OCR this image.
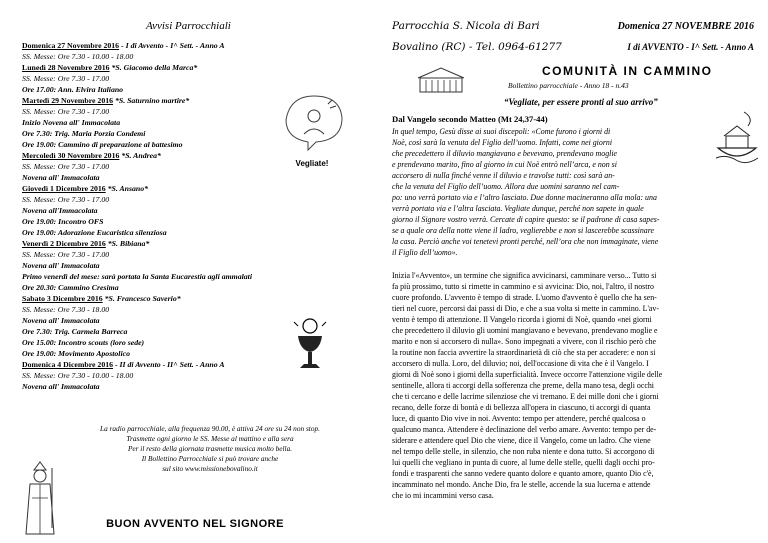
Avvisi Parrocchiali
Domenica 27 Novembre 2016 - I di Avvento - I^ Sett. - Anno A
SS. Messe: Ore 7.30 - 10.00 - 18.00
Lunedì 28 Novembre 2016 *S. Giacomo della Marca*
SS. Messe: Ore 7.30 - 17.00
Ore 17.00: Ann. Elvira Italiano
Martedì 29 Novembre 2016 *S. Saturnino martire*
SS. Messe: Ore 7.30 - 17.00
Inizio Novena all' Immacolata
Ore 7.30: Trig. Maria Porzia Condemi
Ore 19.00: Cammino di preparazione al battesimo
Mercoledì 30 Novembre 2016 *S. Andrea*
SS. Messe: Ore 7.30 - 17.00
Novena all' Immacolata
Giovedì 1 Dicembre 2016 *S. Ansano*
SS. Messe: Ore 7.30 - 17.00
Novena all'Immacolata
Ore 19.00: Incontro OFS
Ore 19.00: Adorazione Eucaristica silenziosa
Venerdì 2 Dicembre 2016 *S. Bibiana*
SS. Messe: Ore 7.30 - 17.00
Novena all' Immacolata
Primo venerdì del mese: sarà portata la Santa Eucarestia agli ammalati
Ore 20.30: Cammino Cresima
Sabato 3 Dicembre 2016 *S. Francesco Saverio*
SS. Messe: Ore 7.30 - 18.00
Novena all' Immacolata
Ore 7.30: Trig. Carmela Barreca
Ore 15.00: Incontro scouts (loro sede)
Ore 19.00: Movimento Apostolico
Domenica 4 Dicembre 2016 - II di Avvento - II^ Sett. - Anno A
SS. Messe: Ore 7.30 - 10.00 - 18.00
Novena all' Immacolata
Vegliate!
La radio parrocchiale, alla frequenza 90.00, è attiva 24 ore su 24 non stop.
Trasmette ogni giorno le SS. Messe al mattino e alla sera
Per il resto della giornata trasmette musica molto bella.
Il Bollettino Parrocchiale si può trovare anche
sul sito www.missionebovalino.it
BUON AVVENTO NEL SIGNORE
Parrocchia S. Nicola di Bari
Bovalino (RC) - Tel. 0964-61277
Domenica 27 NOVEMBRE 2016
I di AVVENTO - I^ Sett. - Anno A
COMUNITÀ IN CAMMINO
Bollettino parrocchiale - Anno 18 - n.43
“Vegliate, per essere pronti al suo arrivo”
Dal Vangelo secondo Matteo (Mt 24,37-44)
In quel tempo, Gesù disse ai suoi discepoli: «Come furono i giorni di
Noè, così sarà la venuta del Figlio dell’uomo. Infatti, come nei giorni
che precedettero il diluvio mangiavano e bevevano, prendevano moglie
e prendevano marito, fino al giorno in cui Noè entrò nell’arca, e non si
accorsero di nulla finché venne il diluvio e travolse tutti: così sarà an-
che la venuta del Figlio dell’uomo. Allora due uomini saranno nel cam-
po: uno verrà portato via e l’altro lasciato. Due donne macineranno alla mola: una
verrà portata via e l’altra lasciata. Vegliate dunque, perché non sapete in quale
giorno il Signore vostro verrà. Cercate di capire questo: se il padrone di casa sapes-
se a quale ora della notte viene il ladro, veglierebbe e non si lascerebbe scassinare
la casa. Perciò anche voi tenetevi pronti perché, nell’ora che non immaginate, viene
il Figlio dell’uomo».
Inizia l'«Avvento», un termine che significa avvicinarsi, camminare verso... Tutto si
fa più prossimo, tutto si rimette in cammino e si avvicina: Dio, noi, l'altro, il nostro
cuore profondo. L'avvento è tempo di strade. L'uomo d'avvento è quello che ha sen-
tieri nel cuore, percorsi dai passi di Dio, e che a sua volta si mette in cammino. L'av-
vento è tempo di attenzione. Il Vangelo ricorda i giorni di Noè, quando «nei giorni
che precedettero il diluvio gli uomini mangiavano e bevevano, prendevano moglie e
marito e non si accorsero di nulla». Sono impegnati a vivere, con il rischio però che
la routine non faccia avvertire la straordinarietà di ciò che sta per accadere: e non si
accorsero di nulla. Loro, del diluvio; noi, dell'occasione di vita che è il Vangelo. I
giorni di Noè sono i giorni della superficialità. Invece occorre l'attenzione vigile delle
sentinelle, allora ti accorgi della sofferenza che preme, della mano tesa, degli occhi
che ti cercano e delle lacrime silenziose che vi tremano. E dei mille doni che i giorni
recano, delle forze di bontà e di bellezza all'opera in ciascuno, ti accorgi di quanta
luce, di quanto Dio vive in noi. Avvento: tempo per attendere, perché qualcosa o
qualcuno manca. Attendere è declinazione del verbo amare. Avvento: tempo per de-
siderare e attendere quel Dio che viene, dice il Vangelo, come un ladro. Che viene
nel tempo delle stelle, in silenzio, che non ruba niente e dona tutto. Si accorgono di
lui quelli che vegliano in punta di cuore, al lume delle stelle, quelli dagli occhi pro-
fondi e trasparenti che sanno vedere quanto dolore e quanto amore, quanto Dio c'è,
incamminato nel mondo. Anche Dio, fra le stelle, accende la sua lucerna e attende
che io mi incammini verso casa.
